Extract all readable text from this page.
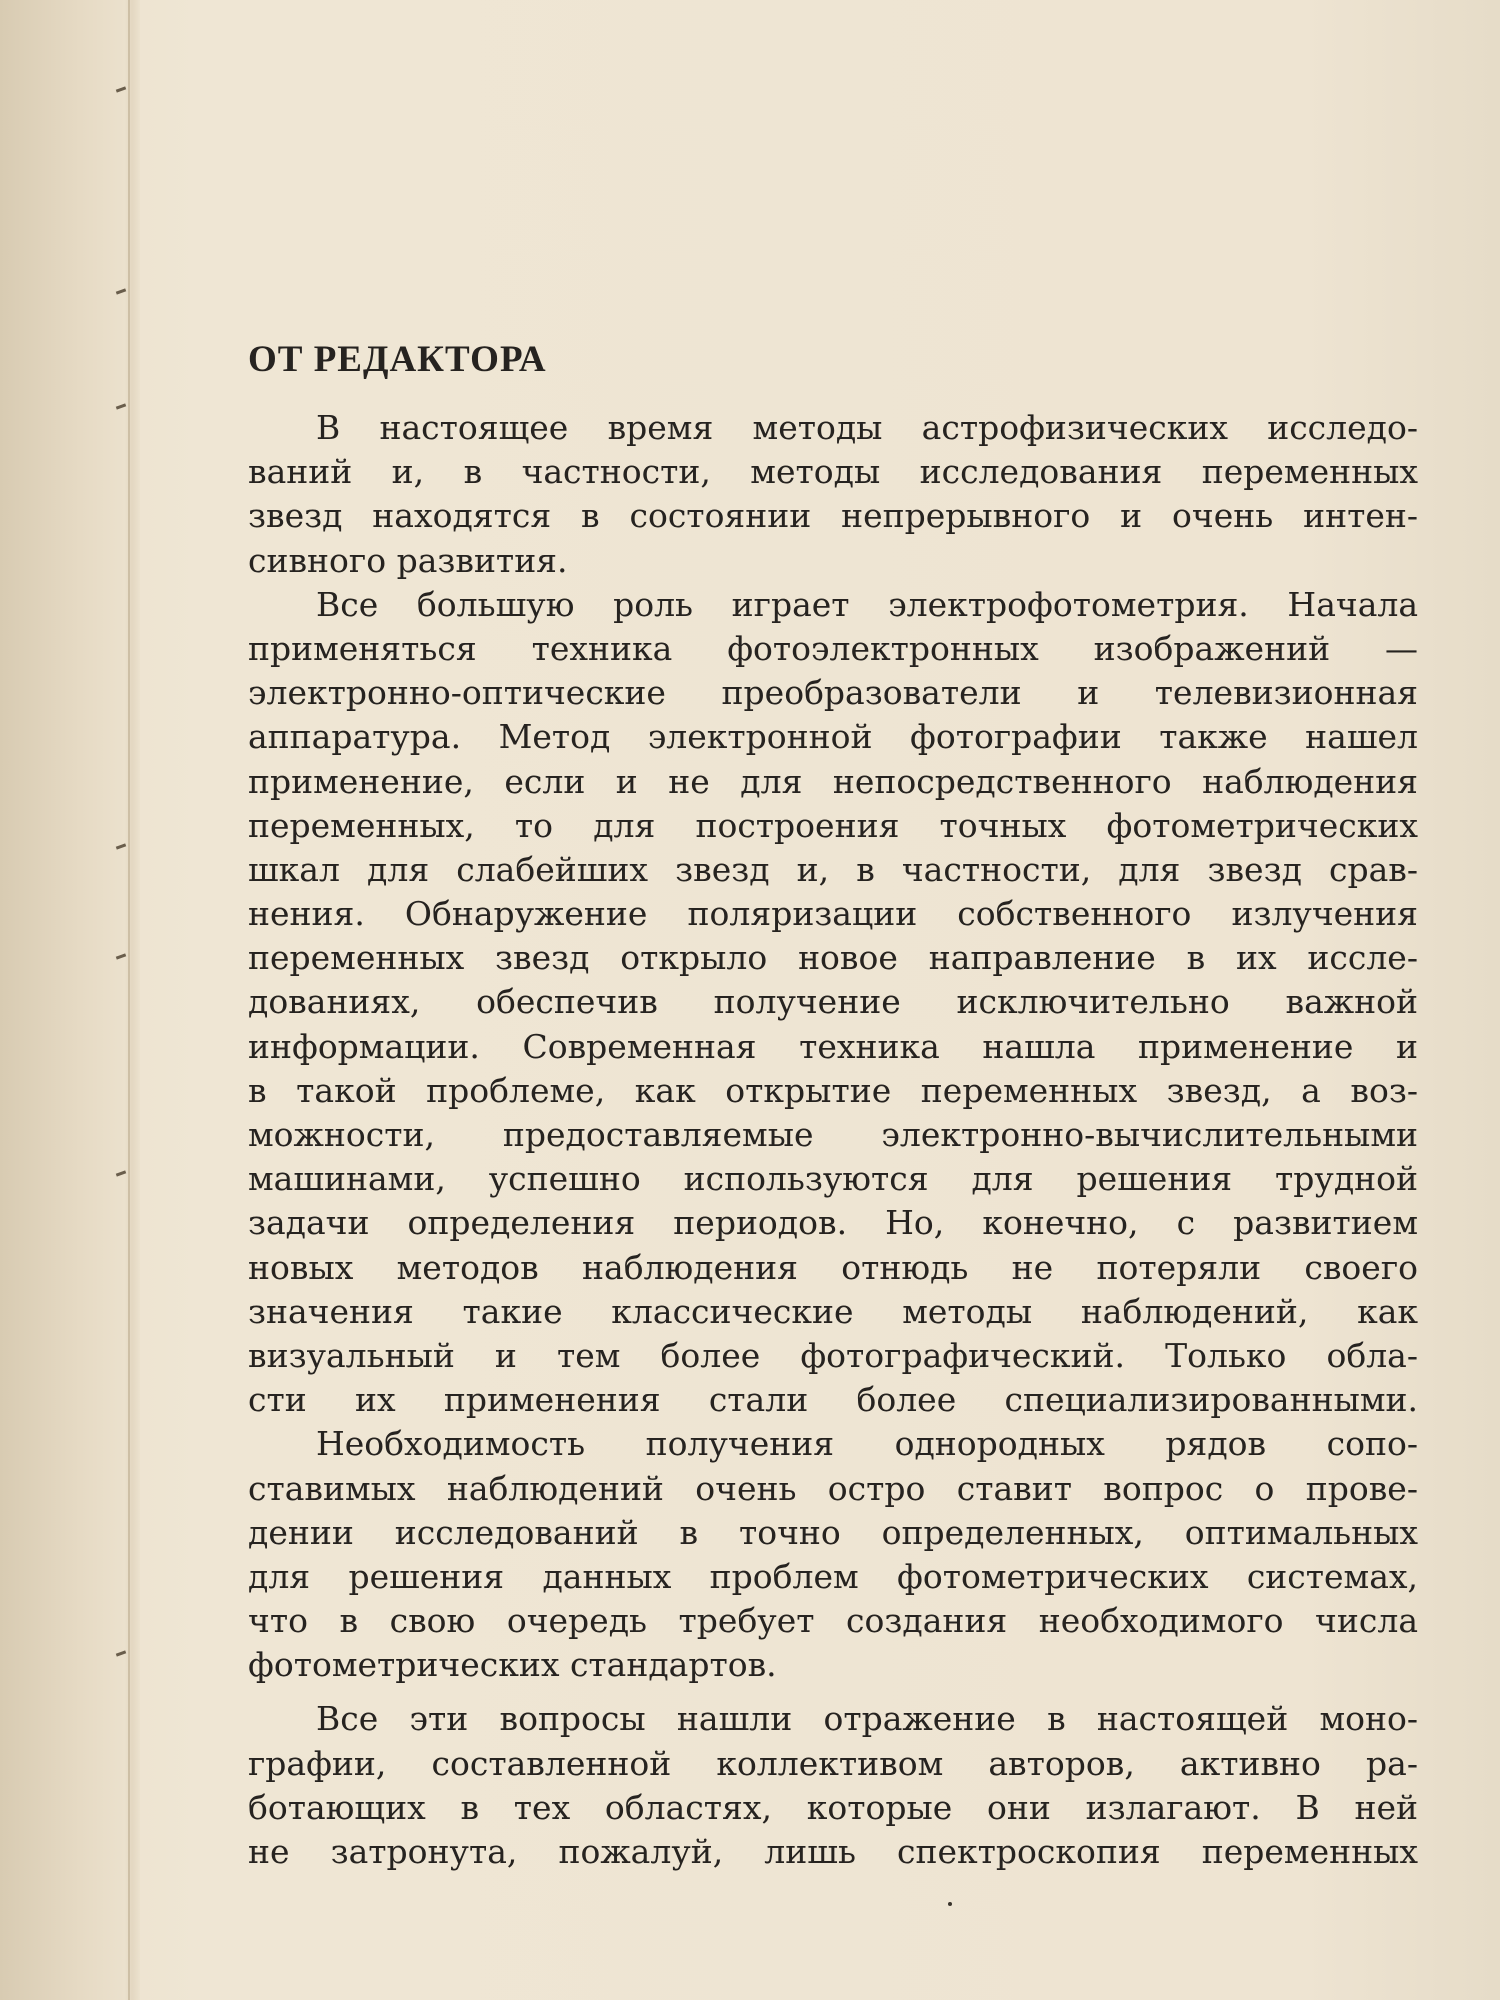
ОТ РЕДАКТОРА
В настоящее время методы астрофизических исследо-
ваний и, в частности, методы исследования переменных
звезд находятся в состоянии непрерывного и очень интен-
сивного развития.
Все большую роль играет электрофотометрия. Начала
применяться техника фотоэлектронных изображений —
электронно-оптические преобразователи и телевизионная
аппаратура. Метод электронной фотографии также нашел
применение, если и не для непосредственного наблюдения
переменных, то для построения точных фотометрических
шкал для слабейших звезд и, в частности, для звезд срав-
нения. Обнаружение поляризации собственного излучения
переменных звезд открыло новое направление в их иссле-
дованиях, обеспечив получение исключительно важной
информации. Современная техника нашла применение и
в такой проблеме, как открытие переменных звезд, а воз-
можности, предоставляемые электронно-вычислительными
машинами, успешно используются для решения трудной
задачи определения периодов. Но, конечно, с развитием
новых методов наблюдения отнюдь не потеряли своего
значения такие классические методы наблюдений, как
визуальный и тем более фотографический. Только обла-
сти их применения стали более специализированными.
Необходимость получения однородных рядов сопо-
ставимых наблюдений очень остро ставит вопрос о прове-
дении исследований в точно определенных, оптимальных
для решения данных проблем фотометрических системах,
что в свою очередь требует создания необходимого числа
фотометрических стандартов.
Все эти вопросы нашли отражение в настоящей моно-
графии, составленной коллективом авторов, активно ра-
ботающих в тех областях, которые они излагают. В ней
не затронута, пожалуй, лишь спектроскопия переменных
